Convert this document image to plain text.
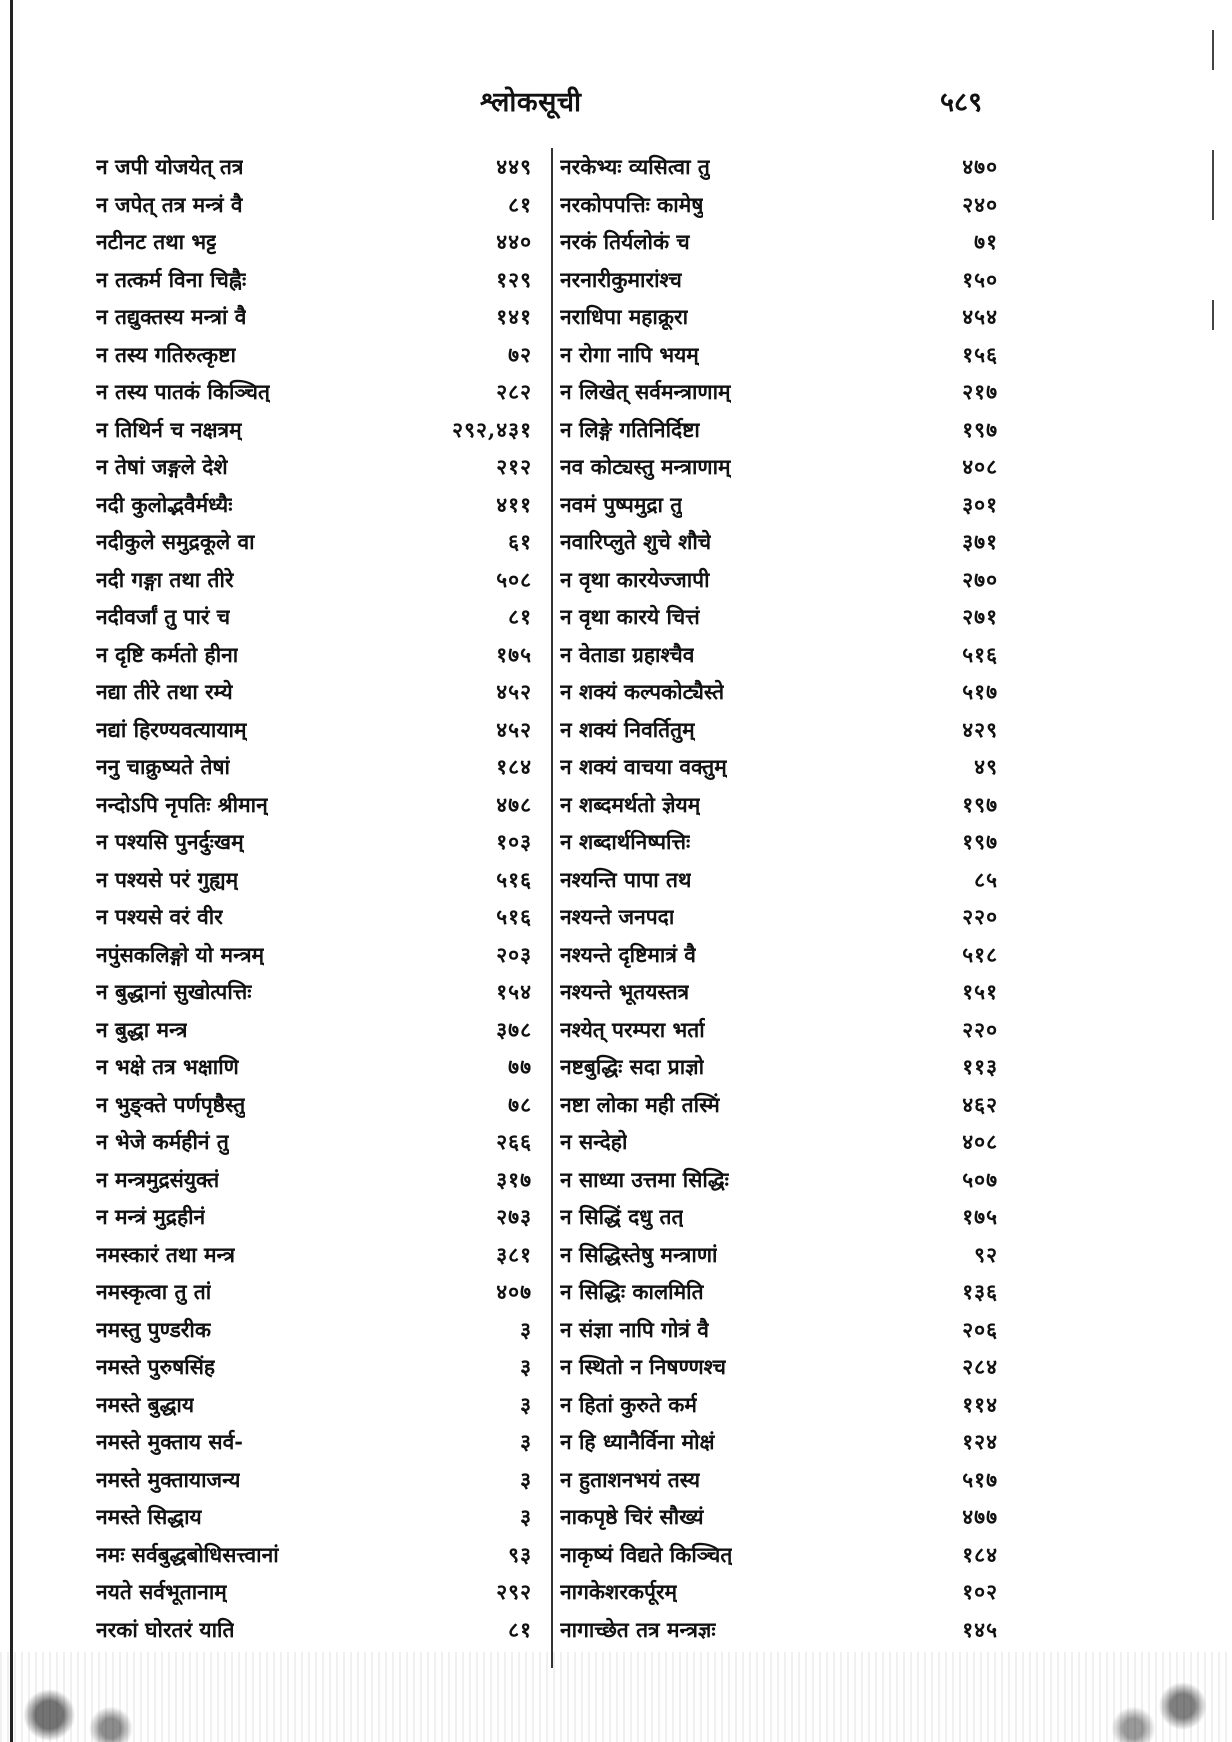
श्लोकसूची	५८९
न जपी योजयेत् तत्र	४४९
न जपेत् तत्र मन्त्रं वै	८१
नटीनट तथा भट्ट	४४०
न तत्कर्म विना चिह्नैः	१२९
न तद्युक्तस्य मन्त्रां वै	१४१
न तस्य गतिरुत्कृष्टा	७२
न तस्य पातकं किञ्चित्	२८२
न तिथिर्न च नक्षत्रम्	२९२,४३१
न तेषां जङ्गले देशे	२१२
नदी कुलोद्भवैर्मध्यैः	४११
नदीकुले समुद्रकूले वा	६१
नदी गङ्गा तथा तीरे	५०८
नदीवर्जां तु पारं च	८१
न दृष्टि कर्मतो हीना	१७५
नद्या तीरे तथा रम्ये	४५२
नद्यां हिरण्यवत्यायाम्	४५२
ननु चाक्रुष्यते तेषां	१८४
नन्दोऽपि नृपतिः श्रीमान्	४७८
न पश्यसि पुनर्दुःखम्	१०३
न पश्यसे परं गुह्यम्	५१६
न पश्यसे वरं वीर	५१६
नपुंसकलिङ्गो यो मन्त्रम्	२०३
न बुद्धानां सुखोत्पत्तिः	१५४
न बुद्धा मन्त्र	३७८
न भक्षे तत्र भक्षाणि	७७
न भुङ्क्ते पर्णपृष्ठैस्तु	७८
न भेजे कर्महीनं तु	२६६
न मन्त्रमुद्रसंयुक्तं	३१७
न मन्त्रं मुद्रहीनं	२७३
नमस्कारं तथा मन्त्र	३८१
नमस्कृत्वा तु तां	४०७
नमस्तु पुण्डरीक	३
नमस्ते पुरुषसिंह	३
नमस्ते बुद्धाय	३
नमस्ते मुक्ताय सर्व-	३
नमस्ते मुक्तायाजन्य	३
नमस्ते सिद्धाय	३
नमः सर्वबुद्धबोधिसत्त्वानां	९३
नयते सर्वभूतानाम्	२९२
नरकां घोरतरं याति	८१
नरकेभ्यः व्यसित्वा तु	४७०
नरकोपपत्तिः कामेषु	२४०
नरकं तिर्यलोकं च	७१
नरनारीकुमारांश्च	१५०
नराधिपा महाक्रूरा	४५४
न रोगा नापि भयम्	१५६
न लिखेत् सर्वमन्त्राणाम्	२१७
न लिङ्गे गतिनिर्दिष्टा	१९७
नव कोट्यस्तु मन्त्राणाम्	४०८
नवमं पुष्पमुद्रा तु	३०१
नवारिप्लुते शुचे शौचे	३७१
न वृथा कारयेज्जापी	२७०
न वृथा कारये चित्तं	२७१
न वेताडा ग्रहाश्चैव	५१६
न शक्यं कल्पकोट्यैस्ते	५१७
न शक्यं निवर्तितुम्	४२९
न शक्यं वाचया वक्तुम्	४९
न शब्दमर्थतो ज्ञेयम्	१९७
न शब्दार्थनिष्पत्तिः	१९७
नश्यन्ति पापा तथ	८५
नश्यन्ते जनपदा	२२०
नश्यन्ते दृष्टिमात्रं वै	५१८
नश्यन्ते भूतयस्तत्र	१५१
नश्येत् परम्परा भर्ता	२२०
नष्टबुद्धिः सदा प्राज्ञो	११३
नष्टा लोका मही तस्मिं	४६२
न सन्देहो	४०८
न साध्या उत्तमा सिद्धिः	५०७
न सिद्धिं दधु तत्	१७५
न सिद्धिस्तेषु मन्त्राणां	९२
न सिद्धिः कालमिति	१३६
न संज्ञा नापि गोत्रं वै	२०६
न स्थितो न निषण्णश्च	२८४
न हितां कुरुते कर्म	११४
न हि ध्यानैर्विना मोक्षं	१२४
न हुताशनभयं तस्य	५१७
नाकपृष्ठे चिरं सौख्यं	४७७
नाकृष्यं विद्यते किञ्चित्	१८४
नागकेशरकर्पूरम्	१०२
नागाच्छेत तत्र मन्त्रज्ञः	१४५
